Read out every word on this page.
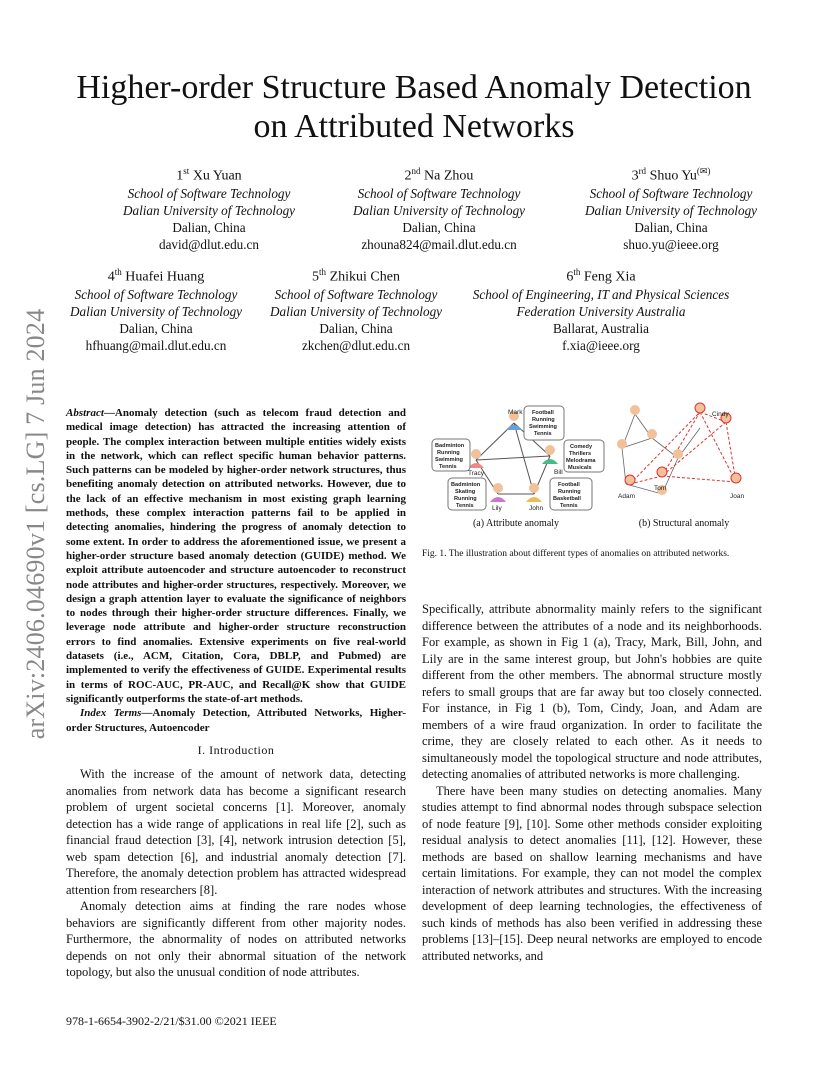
arXiv:2406.04690v1 [cs.LG] 7 Jun 2024
Higher-order Structure Based Anomaly Detection
on Attributed Networks
1st Xu Yuan
School of Software Technology
Dalian University of Technology
Dalian, China
david@dlut.edu.cn
2nd Na Zhou
School of Software Technology
Dalian University of Technology
Dalian, China
zhouna824@mail.dlut.edu.cn
3rd Shuo Yu(✉)
School of Software Technology
Dalian University of Technology
Dalian, China
shuo.yu@ieee.org
4th Huafei Huang
School of Software Technology
Dalian University of Technology
Dalian, China
hfhuang@mail.dlut.edu.cn
5th Zhikui Chen
School of Software Technology
Dalian University of Technology
Dalian, China
zkchen@dlut.edu.cn
6th Feng Xia
School of Engineering, IT and Physical Sciences
Federation University Australia
Ballarat, Australia
f.xia@ieee.org
Abstract—Anomaly detection (such as telecom fraud detection and medical image detection) has attracted the increasing attention of people. The complex interaction between multiple entities widely exists in the network, which can reflect specific human behavior patterns. Such patterns can be modeled by higher-order network structures, thus benefiting anomaly detection on attributed networks. However, due to the lack of an effective mechanism in most existing graph learning methods, these complex interaction patterns fail to be applied in detecting anomalies, hindering the progress of anomaly detection to some extent. In order to address the aforementioned issue, we present a higher-order structure based anomaly detection (GUIDE) method. We exploit attribute autoencoder and structure autoencoder to reconstruct node attributes and higher-order structures, respectively. Moreover, we design a graph attention layer to evaluate the significance of neighbors to nodes through their higher-order structure differences. Finally, we leverage node attribute and higher-order structure reconstruction errors to find anomalies. Extensive experiments on five real-world datasets (i.e., ACM, Citation, Cora, DBLP, and Pubmed) are implemented to verify the effectiveness of GUIDE. Experimental results in terms of ROC-AUC, PR-AUC, and Recall@K show that GUIDE significantly outperforms the state-of-art methods.
Index Terms—Anomaly Detection, Attributed Networks, Higher-order Structures, Autoencoder
I. Introduction

With the increase of the amount of network data, detecting anomalies from network data has become a significant research problem of urgent societal concerns [1]. Moreover, anomaly detection has a wide range of applications in real life [2], such as financial fraud detection [3], [4], network intrusion detection [5], web spam detection [6], and industrial anomaly detection [7]. Therefore, the anomaly detection problem has attracted widespread attention from researchers [8].

Anomaly detection aims at finding the rare nodes whose behaviors are significantly different from other majority nodes. Furthermore, the abnormality of nodes on attributed networks depends on not only their abnormal situation of the network topology, but also the unusual condition of node attributes.

Mark
Tracy	Bill
Lily	John
Football
Running
Swimming
Tennis
Badminton
Running
Swimming
Tennis
Comedy
Thrillers
Melodrama
Musicals
Badminton
Skating
Running
Tennis
Football
Running
Basketball
Tennis
Cindy
Tom
Adam	Joan
(a) Attribute anomaly	(b) Structural anomaly
Fig. 1. The illustration about different types of anomalies on attributed networks.

Specifically, attribute abnormality mainly refers to the significant difference between the attributes of a node and its neighborhoods. For example, as shown in Fig 1 (a), Tracy, Mark, Bill, John, and Lily are in the same interest group, but John's hobbies are quite different from the other members. The abnormal structure mostly refers to small groups that are far away but too closely connected. For instance, in Fig 1 (b), Tom, Cindy, Joan, and Adam are members of a wire fraud organization. In order to facilitate the crime, they are closely related to each other. As it needs to simultaneously model the topological structure and node attributes, detecting anomalies of attributed networks is more challenging.

There have been many studies on detecting anomalies. Many studies attempt to find abnormal nodes through subspace selection of node feature [9], [10]. Some other methods consider exploiting residual analysis to detect anomalies [11], [12]. However, these methods are based on shallow learning mechanisms and have certain limitations. For example, they can not model the complex interaction of network attributes and structures. With the increasing development of deep learning technologies, the effectiveness of such kinds of methods has also been verified in addressing these problems [13]–[15]. Deep neural networks are employed to encode attributed networks, and

978-1-6654-3902-2/21/$31.00 ©2021 IEEE
